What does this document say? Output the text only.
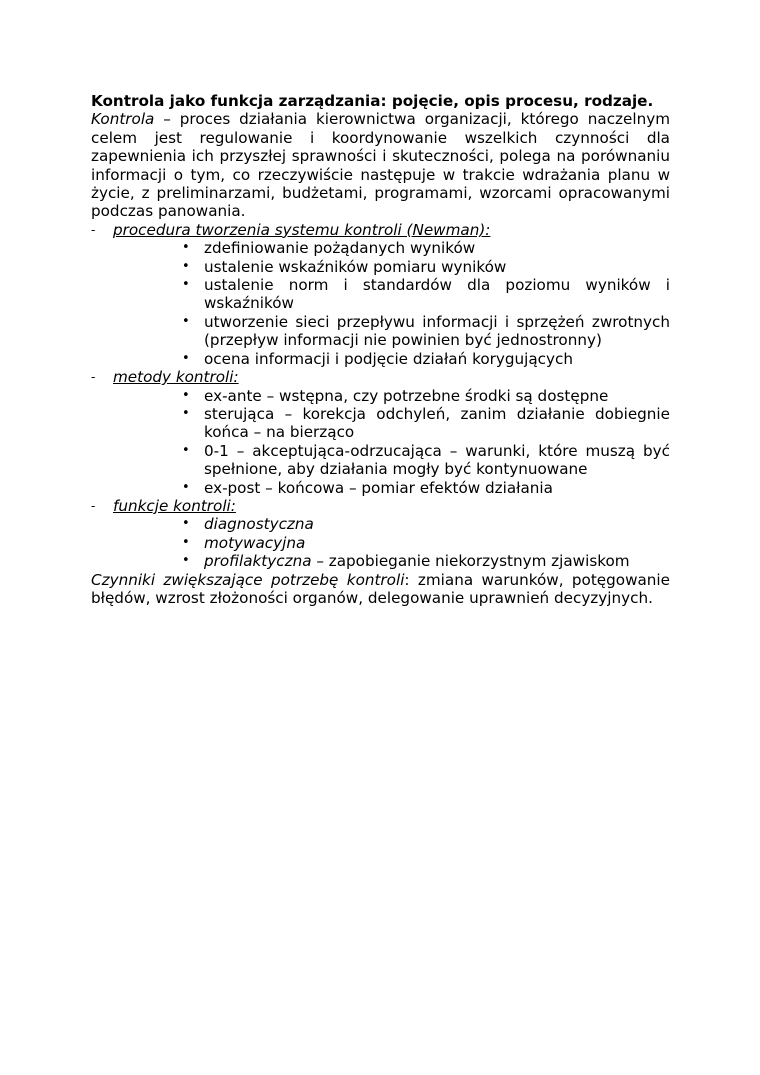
Kontrola jako funkcja zarządzania: pojęcie, opis procesu, rodzaje.

Kontrola – proces działania kierownictwa organizacji, którego naczelnym celem jest regulowanie i koordynowanie wszelkich czynności dla zapewnienia ich przyszłej sprawności i skuteczności, polega na porównaniu informacji o tym, co rzeczywiście następuje w trakcie wdrażania planu w życie, z preliminarzami, budżetami, programami, wzorcami opracowanymi podczas panowania.

-	procedura tworzenia systemu kontroli (Newman):
• zdefiniowanie pożądanych wyników
• ustalenie wskaźników pomiaru wyników
• ustalenie norm i standardów dla poziomu wyników i wskaźników
• utworzenie sieci przepływu informacji i sprzężeń zwrotnych (przepływ informacji nie powinien być jednostronny)
• ocena informacji i podjęcie działań korygujących
-	metody kontroli:
• ex-ante – wstępna, czy potrzebne środki są dostępne
• sterująca – korekcja odchyleń, zanim działanie dobiegnie końca – na bierząco
• 0-1 – akceptująca-odrzucająca – warunki, które muszą być spełnione, aby działania mogły być kontynuowane
• ex-post – końcowa – pomiar efektów działania
-	funkcje kontroli:
• diagnostyczna
• motywacyjna
• profilaktyczna – zapobieganie niekorzystnym zjawiskom

Czynniki zwiększające potrzebę kontroli: zmiana warunków, potęgowanie błędów, wzrost złożoności organów, delegowanie uprawnień decyzyjnych.
